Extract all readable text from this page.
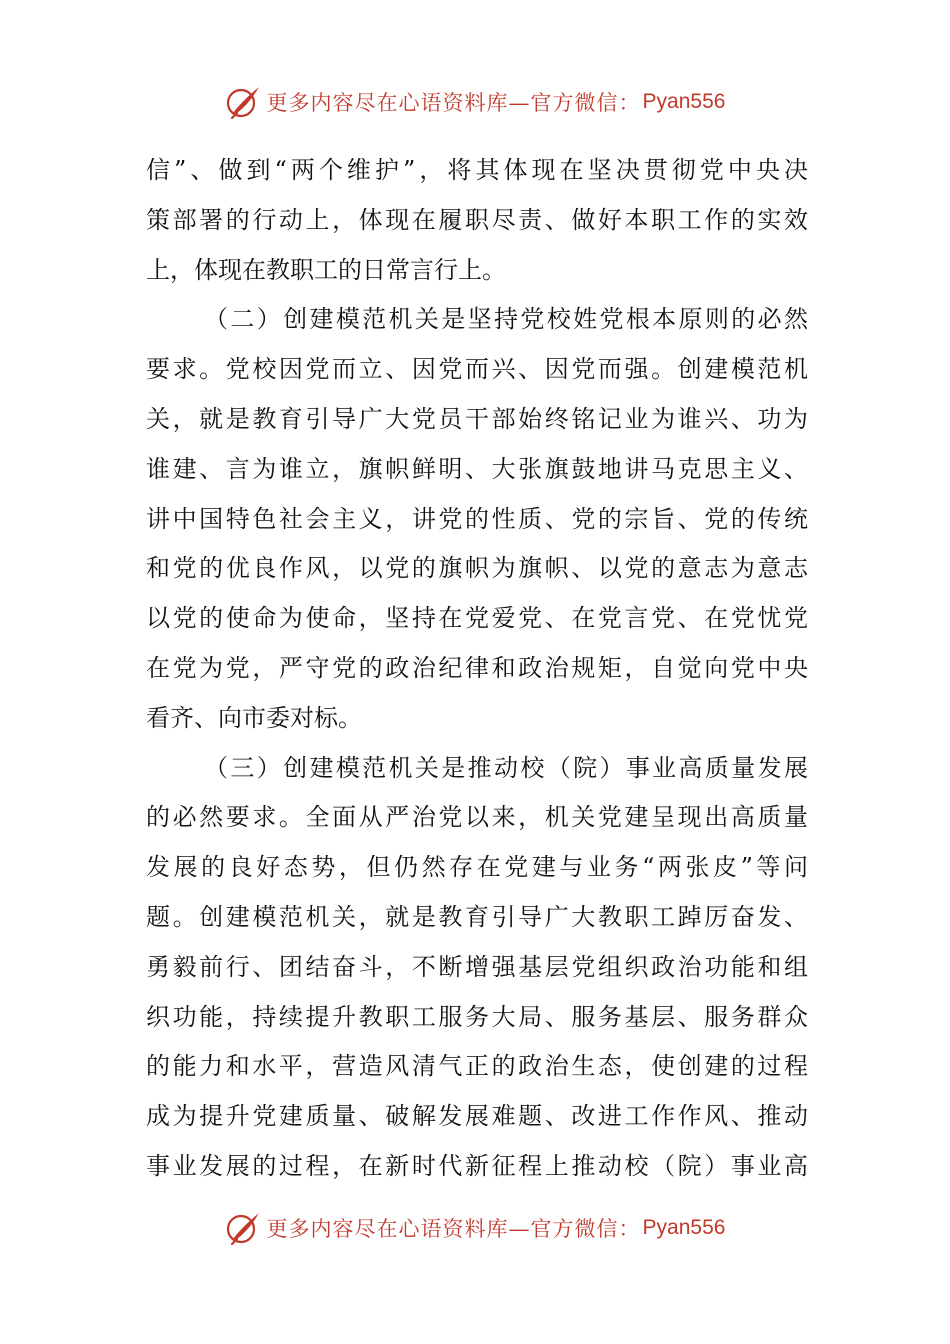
更多内容尽在心语资料库—官方微信： Pyan556
信”、做到“两个维护”，将其体现在坚决贯彻党中央决
策部署的行动上，体现在履职尽责、做好本职工作的实效
上，体现在教职工的日常言行上。
（二）创建模范机关是坚持党校姓党根本原则的必然
要求。党校因党而立、因党而兴、因党而强。创建模范机
关，就是教育引导广大党员干部始终铭记业为谁兴、功为
谁建、言为谁立，旗帜鲜明、大张旗鼓地讲马克思主义、
讲中国特色社会主义，讲党的性质、党的宗旨、党的传统
和党的优良作风，以党的旗帜为旗帜、以党的意志为意志
以党的使命为使命，坚持在党爱党、在党言党、在党忧党
在党为党，严守党的政治纪律和政治规矩，自觉向党中央
看齐、向市委对标。
（三）创建模范机关是推动校（院）事业高质量发展
的必然要求。全面从严治党以来，机关党建呈现出高质量
发展的良好态势，但仍然存在党建与业务“两张皮”等问
题。创建模范机关，就是教育引导广大教职工踔厉奋发、
勇毅前行、团结奋斗，不断增强基层党组织政治功能和组
织功能，持续提升教职工服务大局、服务基层、服务群众
的能力和水平，营造风清气正的政治生态，使创建的过程
成为提升党建质量、破解发展难题、改进工作作风、推动
事业发展的过程，在新时代新征程上推动校（院）事业高
更多内容尽在心语资料库—官方微信： Pyan556
